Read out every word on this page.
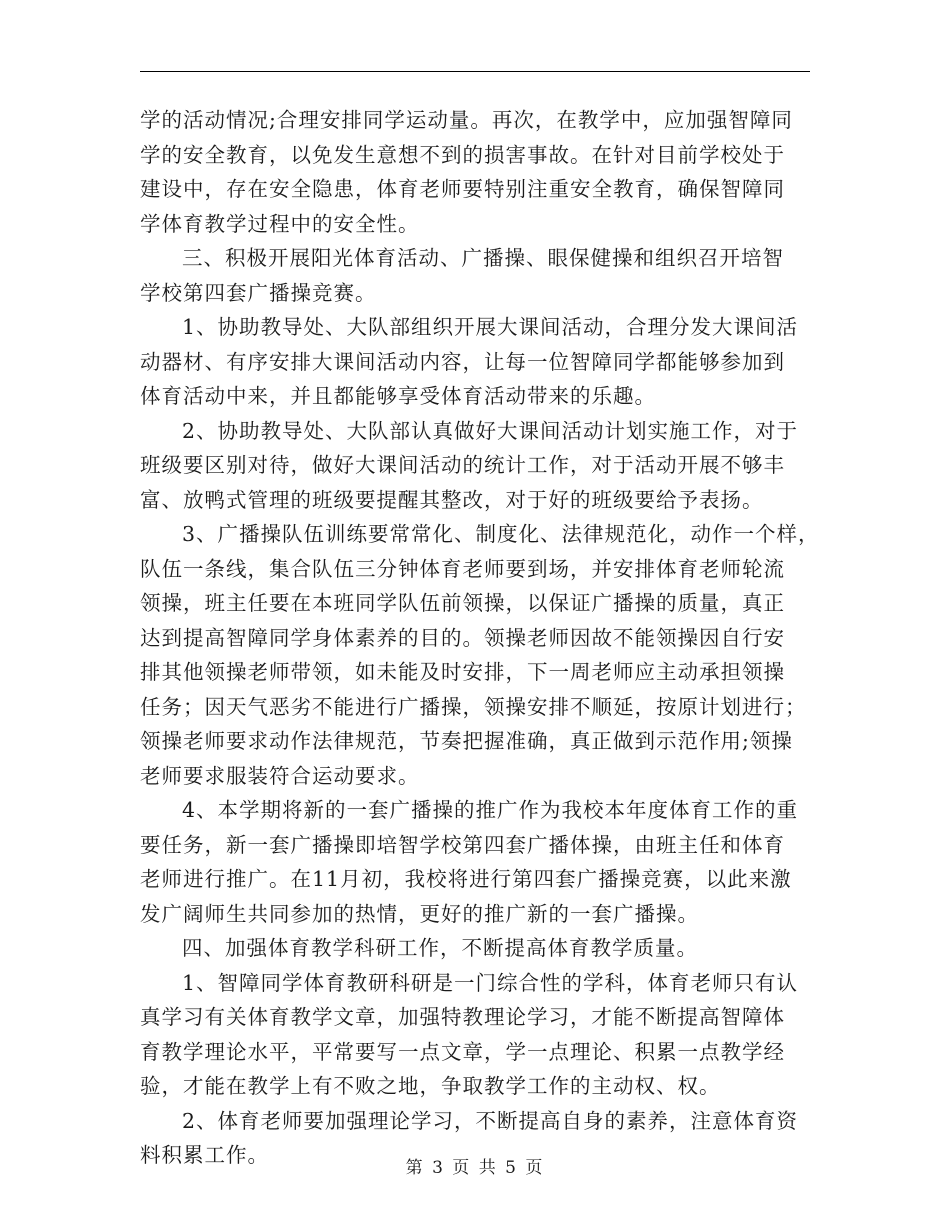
学的活动情况;合理安排同学运动量。再次，在教学中，应加强智障同
学的安全教育，以免发生意想不到的损害事故。在针对目前学校处于
建设中，存在安全隐患，体育老师要特别注重安全教育，确保智障同
学体育教学过程中的安全性。
三、积极开展阳光体育活动、广播操、眼保健操和组织召开培智
学校第四套广播操竞赛。
1、协助教导处、大队部组织开展大课间活动，合理分发大课间活
动器材、有序安排大课间活动内容，让每一位智障同学都能够参加到
体育活动中来，并且都能够享受体育活动带来的乐趣。
2、协助教导处、大队部认真做好大课间活动计划实施工作，对于
班级要区别对待，做好大课间活动的统计工作，对于活动开展不够丰
富、放鸭式管理的班级要提醒其整改，对于好的班级要给予表扬。
3、广播操队伍训练要常常化、制度化、法律规范化，动作一个样，
队伍一条线，集合队伍三分钟体育老师要到场，并安排体育老师轮流
领操，班主任要在本班同学队伍前领操，以保证广播操的质量，真正
达到提高智障同学身体素养的目的。领操老师因故不能领操因自行安
排其他领操老师带领，如未能及时安排，下一周老师应主动承担领操
任务；因天气恶劣不能进行广播操，领操安排不顺延，按原计划进行；
领操老师要求动作法律规范，节奏把握准确，真正做到示范作用;领操
老师要求服装符合运动要求。
4、本学期将新的一套广播操的推广作为我校本年度体育工作的重
要任务，新一套广播操即培智学校第四套广播体操，由班主任和体育
老师进行推广。在11月初，我校将进行第四套广播操竞赛，以此来激
发广阔师生共同参加的热情，更好的推广新的一套广播操。
四、加强体育教学科研工作，不断提高体育教学质量。
1、智障同学体育教研科研是一门综合性的学科，体育老师只有认
真学习有关体育教学文章，加强特教理论学习，才能不断提高智障体
育教学理论水平，平常要写一点文章，学一点理论、积累一点教学经
验，才能在教学上有不败之地，争取教学工作的主动权、权。
2、体育老师要加强理论学习，不断提高自身的素养，注意体育资
料积累工作。
第 3 页 共 5 页
